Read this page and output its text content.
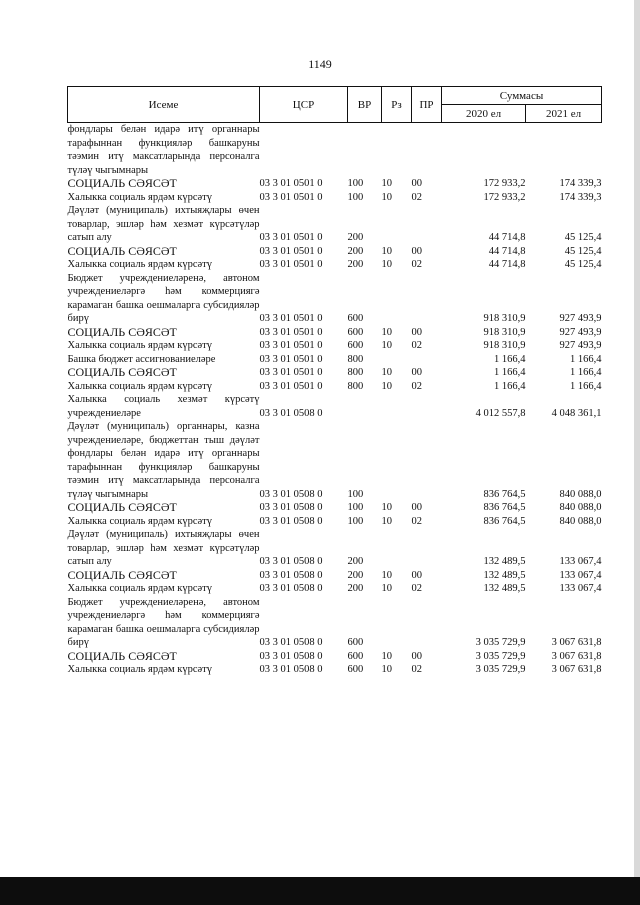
1149
Исеме	ЦСР	ВР	Рз	ПР	Суммасы	
					2020 ел	2021 ел
фондлары белән идарә итү органнары тарафыннан функцияләр башкаруны тәэмин итү максатларында персоналга түләү чыгымнары						
СОЦИАЛЬ СӘЯСӘТ	03 3 01 0501 0	100	10	00	172 933,2	174 339,3
Халыкка социаль ярдәм күрсәтү	03 3 01 0501 0	100	10	02	172 933,2	174 339,3
Дәүләт (муниципаль) ихтыяҗлары өчен товарлар, эшләр һәм хезмәт күрсәтүләр сатып алу	03 3 01 0501 0	200			44 714,8	45 125,4
СОЦИАЛЬ СӘЯСӘТ	03 3 01 0501 0	200	10	00	44 714,8	45 125,4
Халыкка социаль ярдәм күрсәтү	03 3 01 0501 0	200	10	02	44 714,8	45 125,4
Бюджет учреждениеләренә, автоном учреждениеләргә һәм коммерциягә карамаган башка оешмаларга субсидияләр бирү	03 3 01 0501 0	600			918 310,9	927 493,9
СОЦИАЛЬ СӘЯСӘТ	03 3 01 0501 0	600	10	00	918 310,9	927 493,9
Халыкка социаль ярдәм күрсәтү	03 3 01 0501 0	600	10	02	918 310,9	927 493,9
Башка бюджет ассигнованиеләре	03 3 01 0501 0	800			1 166,4	1 166,4
СОЦИАЛЬ СӘЯСӘТ	03 3 01 0501 0	800	10	00	1 166,4	1 166,4
Халыкка социаль ярдәм күрсәтү	03 3 01 0501 0	800	10	02	1 166,4	1 166,4
Халыкка социаль хезмәт күрсәтү учреждениеләре	03 3 01 0508 0				4 012 557,8	4 048 361,1
Дәүләт (муниципаль) органнары, казна учреждениеләре, бюджеттан тыш дәүләт фондлары белән идарә итү органнары тарафыннан функцияләр башкаруны тәэмин итү максатларында персоналга түләү чыгымнары	03 3 01 0508 0	100			836 764,5	840 088,0
СОЦИАЛЬ СӘЯСӘТ	03 3 01 0508 0	100	10	00	836 764,5	840 088,0
Халыкка социаль ярдәм күрсәтү	03 3 01 0508 0	100	10	02	836 764,5	840 088,0
Дәүләт (муниципаль) ихтыяҗлары өчен товарлар, эшләр һәм хезмәт күрсәтүләр сатып алу	03 3 01 0508 0	200			132 489,5	133 067,4
СОЦИАЛЬ СӘЯСӘТ	03 3 01 0508 0	200	10	00	132 489,5	133 067,4
Халыкка социаль ярдәм күрсәтү	03 3 01 0508 0	200	10	02	132 489,5	133 067,4
Бюджет учреждениеләренә, автоном учреждениеләргә һәм коммерциягә карамаган башка оешмаларга субсидияләр бирү	03 3 01 0508 0	600			3 035 729,9	3 067 631,8
СОЦИАЛЬ СӘЯСӘТ	03 3 01 0508 0	600	10	00	3 035 729,9	3 067 631,8
Халыкка социаль ярдәм күрсәтү	03 3 01 0508 0	600	10	02	3 035 729,9	3 067 631,8
